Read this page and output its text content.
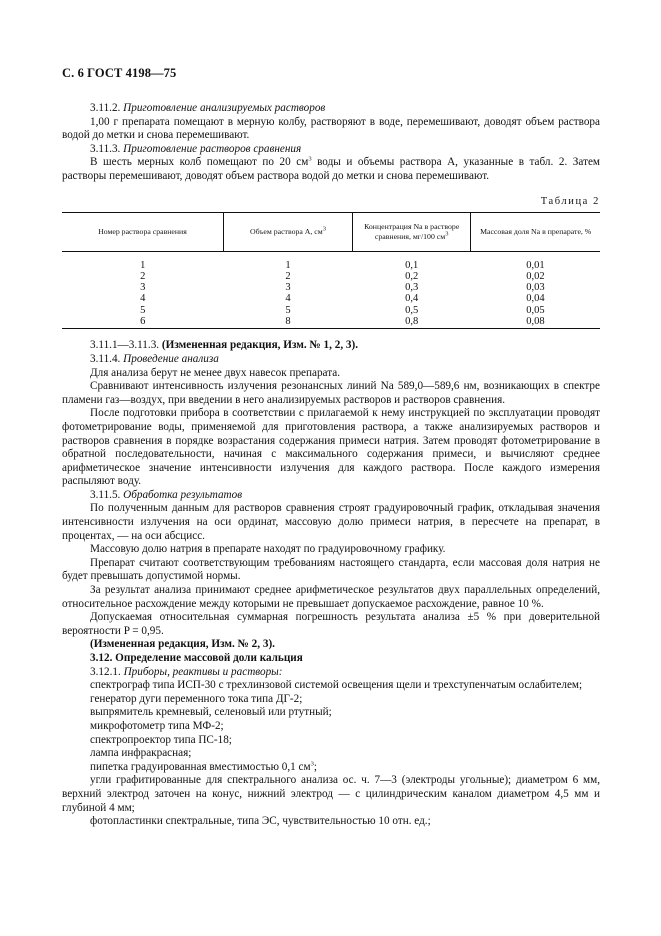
С. 6 ГОСТ 4198—75

3.11.2. Приготовление анализируемых растворов

1,00 г препарата помещают в мерную колбу, растворяют в воде, перемешивают, доводят объем раствора водой до метки и снова перемешивают.

3.11.3. Приготовление растворов сравнения

В шесть мерных колб помещают по 20 $см^3$ воды и объемы раствора А, указанные в табл. 2. Затем растворы перемешивают, доводят объем раствора водой до метки и снова перемешивают.

Таблица 2
Номер раствора сравнения	Объем раствора А, $см^3$	Концентрация Na в растворе сравнения, мг/100 $см^3$	Массовая доля Na в препарате, %
1	1	0,1	0,01
2	2	0,2	0,02
3	3	0,3	0,03
4	4	0,4	0,04
5	5	0,5	0,05
6	8	0,8	0,08

3.11.1—3.11.3. (Измененная редакция, Изм. № 1, 2, 3).

3.11.4. Проведение анализа

Для анализа берут не менее двух навесок препарата.

Сравнивают интенсивность излучения резонансных линий Na 589,0—589,6 нм, возникающих в спектре пламени газ—воздух, при введении в него анализируемых растворов и растворов сравнения.

После подготовки прибора в соответствии с прилагаемой к нему инструкцией по эксплуатации проводят фотометрирование воды, применяемой для приготовления раствора, а также анализируемых растворов и растворов сравнения в порядке возрастания содержания примеси натрия. Затем проводят фотометрирование в обратной последовательности, начиная с максимального содержания примеси, и вычисляют среднее арифметическое значение интенсивности излучения для каждого раствора. После каждого измерения распыляют воду.

3.11.5. Обработка результатов

По полученным данным для растворов сравнения строят градуировочный график, откладывая значения интенсивности излучения на оси ординат, массовую долю примеси натрия, в пересчете на препарат, в процентах, — на оси абсцисс.

Массовую долю натрия в препарате находят по градуировочному графику.

Препарат считают соответствующим требованиям настоящего стандарта, если массовая доля натрия не будет превышать допустимой нормы.

За результат анализа принимают среднее арифметическое результатов двух параллельных определений, относительное расхождение между которыми не превышает допускаемое расхождение, равное 10 %.

Допускаемая относительная суммарная погрешность результата анализа ±5 % при доверительной вероятности P = 0,95.

(Измененная редакция, Изм. № 2, 3).

3.12. Определение массовой доли кальция

3.12.1. Приборы, реактивы и растворы:

спектрограф типа ИСП-30 с трехлинзовой системой освещения щели и трехступенчатым ослабителем;

генератор дуги переменного тока типа ДГ-2;

выпрямитель кремневый, селеновый или ртутный;

микрофотометр типа МФ-2;

спектропроектор типа ПС-18;

лампа инфракрасная;

пипетка градуированная вместимостью 0,1 $см^3$;

угли графитированные для спектрального анализа ос. ч. 7—3 (электроды угольные); диаметром 6 мм, верхний электрод заточен на конус, нижний электрод — с цилиндрическим каналом диаметром 4,5 мм и глубиной 4 мм;

фотопластинки спектральные, типа ЭС, чувствительностью 10 отн. ед.;
